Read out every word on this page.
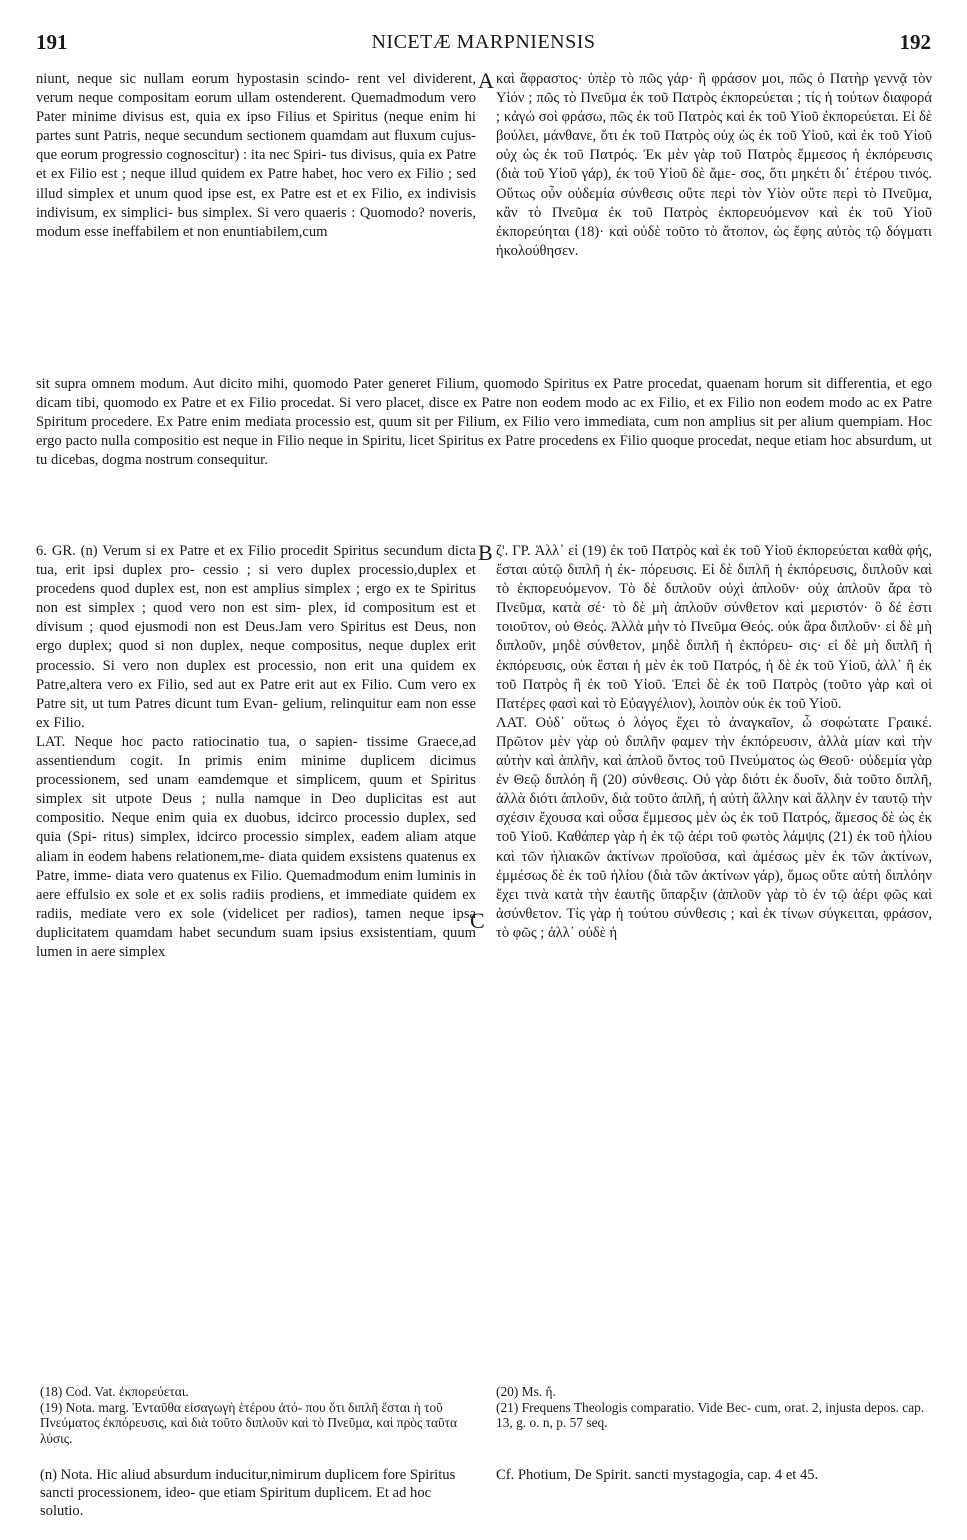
191	NICETÆ MARPNIENSIS	192
A
B
C

niunt, neque sic nullam eorum hypostasin scindo- rent vel dividerent, verum neque compositam eorum ullam ostenderent. Quemadmodum vero Pater minime divisus est, quia ex ipso Filius et Spiritus (neque enim hi partes sunt Patris, neque secundum sectionem quamdam aut fluxum cujus- que eorum progressio cognoscitur) : ita nec Spiri- tus divisus, quia ex Patre et ex Filio est ; neque illud quidem ex Patre habet, hoc vero ex Filio ; sed illud simplex et unum quod ipse est, ex Patre est et ex Filio, ex indivisis indivisum, ex simplici- bus simplex. Si vero quaeris : Quomodo? noveris, modum esse ineffabilem et non enuntiabilem,cum

καὶ ἄφραστος· ὑπὲρ τὸ πῶς γάρ· ἢ φράσον μοι, πῶς ὁ Πατὴρ γεννᾷ τὸν Υἱόν ; πῶς τὸ Πνεῦμα ἐκ τοῦ Πατρὸς ἐκπορεύεται ; τίς ἡ τούτων διαφορά ; κἀγώ σοὶ φράσω, πῶς ἐκ τοῦ Πατρὸς καὶ ἐκ τοῦ Υἱοῦ ἐκπορεύεται. Εἰ δὲ βούλει, μάνθανε, ὅτι ἐκ τοῦ Πατρὸς οὐχ ὡς ἐκ τοῦ Υἱοῦ, καὶ ἐκ τοῦ Υἱοῦ οὐχ ὡς ἐκ τοῦ Πατρός. Ἐκ μὲν γὰρ τοῦ Πατρὸς ἔμμεσος ἡ ἐκπόρευσις (διὰ τοῦ Υἱοῦ γάρ), ἐκ τοῦ Υἱοῦ δὲ ἄμε- σος, ὅτι μηκέτι δι᾽ ἑτέρου τινός. Οὕτως οὖν οὐδεμία σύνθεσις οὔτε περὶ τὸν Υἱὸν οὔτε περὶ τὸ Πνεῦμα, κἂν τὸ Πνεῦμα ἐκ τοῦ Πατρὸς ἐκπορευόμενον καὶ ἐκ τοῦ Υἱοῦ ἐκπορεύηται (18)· καὶ οὐδὲ τοῦτο τὸ ἄτοπον, ὡς ἔφης αὐτὸς τῷ δόγματι ἠκολούθησεν.

sit supra omnem modum. Aut dicito mihi, quomodo Pater generet Filium, quomodo Spiritus ex Patre procedat, quaenam horum sit differentia, et ego dicam tibi, quomodo ex Patre et ex Filio procedat. Si vero placet, disce ex Patre non eodem modo ac ex Filio, et ex Filio non eodem modo ac ex Patre Spiritum procedere. Ex Patre enim mediata processio est, quum sit per Filium, ex Filio vero immediata, cum non amplius sit per alium quempiam. Hoc ergo pacto nulla compositio est neque in Filio neque in Spiritu, licet Spiritus ex Patre procedens ex Filio quoque procedat, neque etiam hoc absurdum, ut tu dicebas, dogma nostrum consequitur.

6. GR. (n) Verum si ex Patre et ex Filio procedit Spiritus secundum dicta tua, erit ipsi duplex pro- cessio ; si vero duplex processio,duplex et procedens quod duplex est, non est amplius simplex ; ergo ex te Spiritus non est simplex ; quod vero non est sim- plex, id compositum est et divisum ; quod ejusmodi non est Deus.Jam vero Spiritus est Deus, non ergo duplex; quod si non duplex, neque compositus, neque duplex erit processio. Si vero non duplex est processio, non erit una quidem ex Patre,altera vero ex Filio, sed aut ex Patre erit aut ex Filio. Cum vero ex Patre sit, ut tum Patres dicunt tum Evan- gelium, relinquitur eam non esse ex Filio.

LAT. Neque hoc pacto ratiocinatio tua, o sapien- tissime Graece,ad assentiendum cogit. In primis enim minime duplicem dicimus processionem, sed unam eamdemque et simplicem, quum et Spiritus simplex sit utpote Deus ; nulla namque in Deo duplicitas est aut compositio. Neque enim quia ex duobus, idcirco processio duplex, sed quia (Spi- ritus) simplex, idcirco processio simplex, eadem aliam atque aliam in eodem habens relationem,me- diata quidem exsistens quatenus ex Patre, imme- diata vero quatenus ex Filio. Quemadmodum enim luminis in aere effulsio ex sole et ex solis radiis prodiens, et immediate quidem ex radiis, mediate vero ex sole (videlicet per radios), tamen neque ipsa duplicitatem quamdam habet secundum suam ipsius exsistentiam, quum lumen in aere simplex

ζ'. ΓΡ. Ἀλλ᾽ εἰ (19) ἐκ τοῦ Πατρὸς καὶ ἐκ τοῦ Υἱοῦ ἐκπορεύεται καθὰ φής, ἔσται αὐτῷ διπλῆ ἡ ἐκ- πόρευσις. Εἰ δὲ διπλῆ ἡ ἐκπόρευσις, διπλοῦν καὶ τὸ ἐκπορευόμενον. Τὸ δὲ διπλοῦν οὐχὶ ἁπλοῦν· οὐχ ἁπλοῦν ἄρα τὸ Πνεῦμα, κατὰ σέ· τὸ δὲ μὴ ἁπλοῦν σύνθετον καὶ μεριστόν· ὃ δέ ἐστι τοιοῦτον, οὐ Θεός. Ἀλλὰ μὴν τὸ Πνεῦμα Θεός. οὐκ ἄρα διπλοῦν· εἰ δὲ μὴ διπλοῦν, μηδὲ σύνθετον, μηδὲ διπλῆ ἡ ἐκπόρευ- σις· εἰ δὲ μὴ διπλῆ ἡ ἐκπόρευσις, οὐκ ἔσται ἡ μὲν ἐκ τοῦ Πατρός, ἡ δὲ ἐκ τοῦ Υἱοῦ, ἀλλ᾽ ἢ ἐκ τοῦ Πατρὸς ἢ ἐκ τοῦ Υἱοῦ. Ἐπεὶ δὲ ἐκ τοῦ Πατρὸς (τοῦτο γὰρ καὶ οἱ Πατέρες φασὶ καὶ τὸ Εὐαγγέλιον), λοιπὸν οὐκ ἐκ τοῦ Υἱοῦ.

ΛΑΤ. Οὐδ᾽ οὕτως ὁ λόγος ἔχει τὸ ἀναγκαῖον, ὦ σοφώτατε Γραικέ. Πρῶτον μὲν γὰρ οὐ διπλῆν φαμεν τὴν ἐκπόρευσιν, ἀλλὰ μίαν καὶ τὴν αὐτὴν καὶ ἁπλῆν, καὶ ἁπλοῦ ὄντος τοῦ Πνεύματος ὡς Θεοῦ· οὐδεμία γὰρ ἐν Θεῷ διπλόη ἢ (20) σύνθεσις. Οὐ γὰρ διότι ἐκ δυοῖν, διὰ τοῦτο διπλῆ, ἀλλὰ διότι ἁπλοῦν, διὰ τοῦτο ἁπλῆ, ἡ αὐτὴ ἄλλην καὶ ἄλλην ἐν ταυτῷ τὴν σχέσιν ἔχουσα καὶ οὖσα ἔμμεσος μὲν ὡς ἐκ τοῦ Πατρός, ἄμεσος δὲ ὡς ἐκ τοῦ Υἱοῦ. Καθάπερ γὰρ ἡ ἐκ τῷ ἀέρι τοῦ φωτὸς λάμψις (21) ἐκ τοῦ ἡλίου καὶ τῶν ἡλιακῶν ἀκτίνων προϊοῦσα, καὶ ἀμέσως μὲν ἐκ τῶν ἀκτίνων, ἐμμέσως δὲ ἐκ τοῦ ἡλίου (διὰ τῶν ἀκτίνων γάρ), ὅμως οὔτε αὐτὴ διπλόην ἔχει τινὰ κατὰ τὴν ἑαυτῆς ὕπαρξιν (ἁπλοῦν γὰρ τὸ ἐν τῷ ἀέρι φῶς καὶ ἀσύνθετον. Τίς γὰρ ἡ τούτου σύνθεσις ; καὶ ἐκ τίνων σύγκειται, φράσον, τὸ φῶς ; ἀλλ᾽ οὐδὲ ἡ

(18) Cod. Vat. ἐκπορεύεται.

(19) Nota. marg. Ἐνταῦθα εἰσαγωγὴ ἑτέρου ἀτό- που ὅτι διπλῆ ἔσται ἡ τοῦ Πνεύματος ἐκπόρευσις, καὶ διὰ τοῦτο διπλοῦν καὶ τὸ Πνεῦμα, καὶ πρὸς ταῦτα λύσις.

(20) Ms. ἤ.

(21) Frequens Theologis comparatio. Vide Bec- cum, orat. 2, injusta depos. cap. 13, g. o. n, p. 57 seq.

(n) Nota. Hic aliud absurdum inducitur,nimirum duplicem fore Spiritus sancti processionem, ideo- que etiam Spiritum duplicem. Et ad hoc solutio.

Cf. Photium, De Spirit. sancti mystagogia, cap. 4 et 45.
